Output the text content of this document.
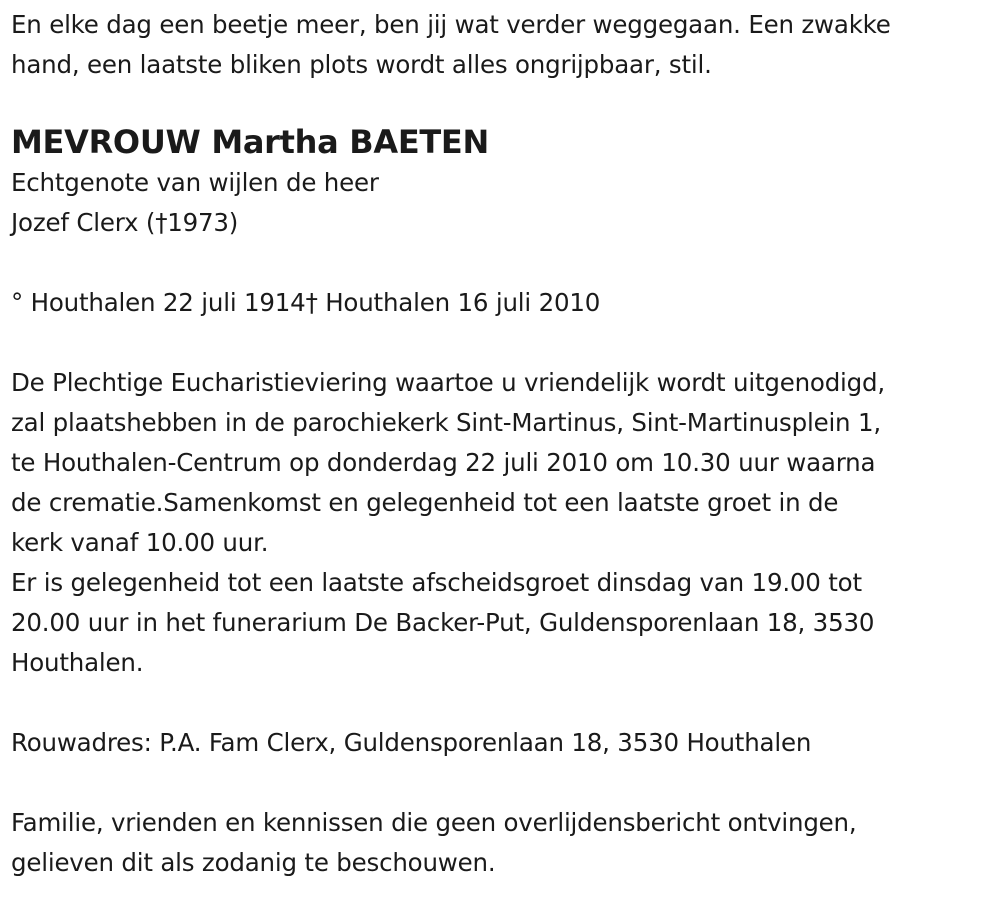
En elke dag een beetje meer, ben jij wat verder weggegaan. Een zwakke
hand, een laatste bliken plots wordt alles ongrijpbaar, stil.
MEVROUW Martha BAETEN
Echtgenote van wijlen de heer
Jozef Clerx (†1973)
° Houthalen 22 juli 1914† Houthalen 16 juli 2010
De Plechtige Eucharistieviering waartoe u vriendelijk wordt uitgenodigd,
zal plaatshebben in de parochiekerk Sint-Martinus, Sint-Martinusplein 1,
te Houthalen-Centrum op donderdag 22 juli 2010 om 10.30 uur waarna
de crematie.Samenkomst en gelegenheid tot een laatste groet in de
kerk vanaf 10.00 uur.
Er is gelegenheid tot een laatste afscheidsgroet dinsdag van 19.00 tot
20.00 uur in het funerarium De Backer-Put, Guldensporenlaan 18, 3530
Houthalen.
Rouwadres: P.A. Fam Clerx, Guldensporenlaan 18, 3530 Houthalen
Familie, vrienden en kennissen die geen overlijdensbericht ontvingen,
gelieven dit als zodanig te beschouwen.
